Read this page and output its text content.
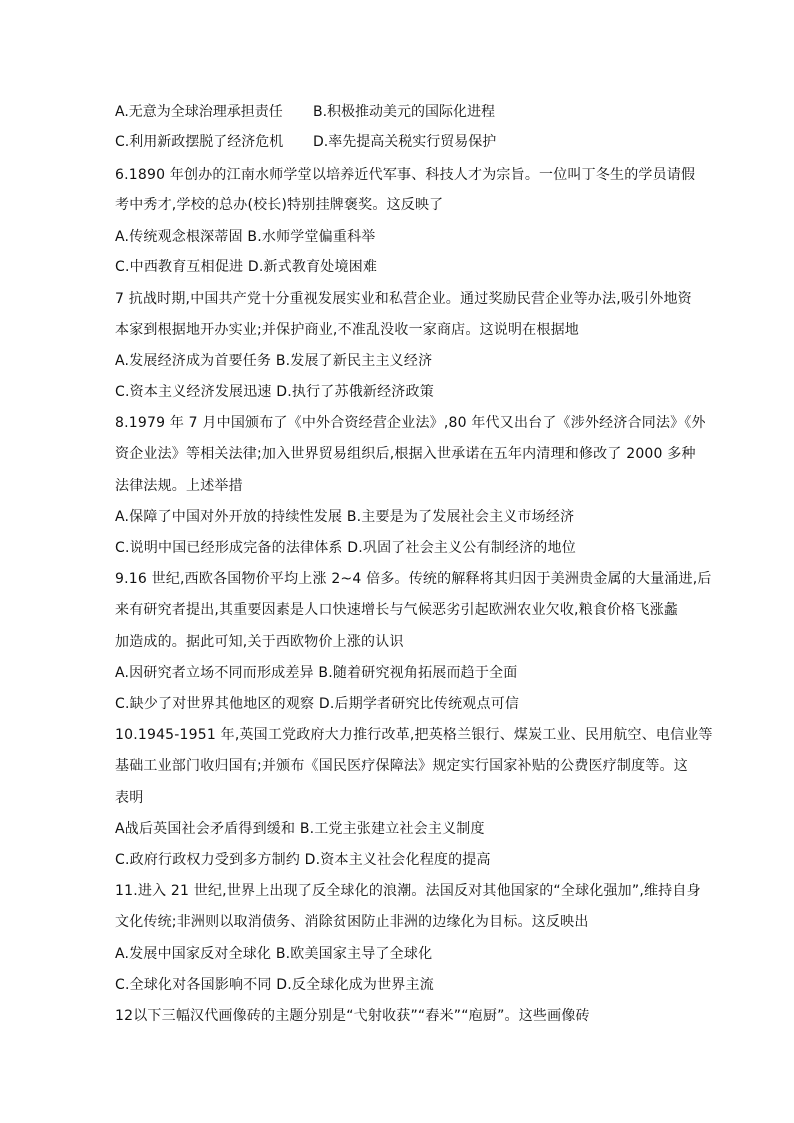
A.无意为全球治理承担责任 B.积极推动美元的国际化进程
C.利用新政摆脱了经济危机 D.率先提高关税实行贸易保护
6.1890 年创办的江南水师学堂以培养近代军事、科技人才为宗旨。一位叫丁冬生的学员请假
考中秀才,学校的总办(校长)特别挂牌褒奖。这反映了
A.传统观念根深蒂固 B.水师学堂偏重科举
C.中西教育互相促进 D.新式教育处境困难
7 抗战时期,中国共产党十分重视发展实业和私营企业。通过奖励民营企业等办法,吸引外地资
本家到根据地开办实业;并保护商业,不准乱没收一家商店。这说明在根据地
A.发展经济成为首要任务 B.发展了新民主主义经济
C.资本主义经济发展迅速 D.执行了苏俄新经济政策
8.1979 年 7 月中国颁布了《中外合资经营企业法》,80 年代又出台了《涉外经济合同法》《外
资企业法》等相关法律;加入世界贸易组织后,根据入世承诺在五年内清理和修改了 2000 多种
法律法规。上述举措
A.保障了中国对外开放的持续性发展 B.主要是为了发展社会主义市场经济
C.说明中国已经形成完备的法律体系 D.巩固了社会主义公有制经济的地位
9.16 世纪,西欧各国物价平均上涨 2~4 倍多。传统的解释将其归因于美洲贵金属的大量涌进,后
来有研究者提出,其重要因素是人口快速增长与气候恶劣引起欧洲农业欠收,粮食价格飞涨蠡
加造成的。据此可知,关于西欧物价上涨的认识
A.因研究者立场不同而形成差异 B.随着研究视角拓展而趋于全面
C.缺少了对世界其他地区的观察 D.后期学者研究比传统观点可信
10.1945-1951 年,英国工党政府大力推行改革,把英格兰银行、煤炭工业、民用航空、电信业等
基础工业部门收归国有;并颁布《国民医疗保障法》规定实行国家补贴的公费医疗制度等。这
表明
A战后英国社会矛盾得到缓和 B.工党主张建立社会主义制度
C.政府行政权力受到多方制约 D.资本主义社会化程度的提高
11.进入 21 世纪,世界上出现了反全球化的浪潮。法国反对其他国家的“全球化强加”,维持自身
文化传统;非洲则以取消债务、消除贫困防止非洲的边缘化为目标。这反映出
A.发展中国家反对全球化 B.欧美国家主导了全球化
C.全球化对各国影响不同 D.反全球化成为世界主流
12以下三幅汉代画像砖的主题分别是“弋射收获”“舂米”“庖厨”。这些画像砖
